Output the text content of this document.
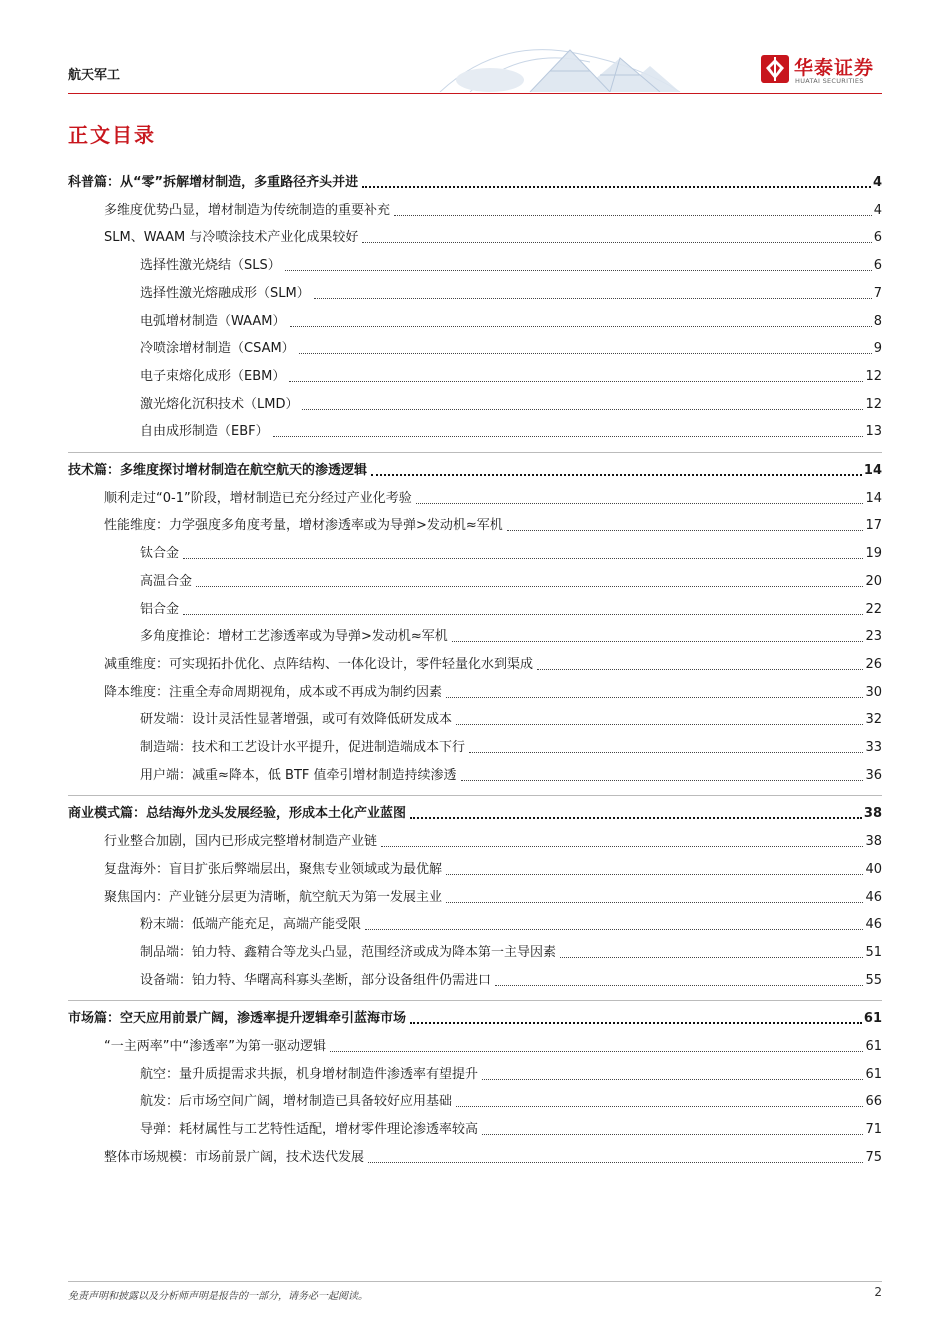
航天军工	华泰证券
HUATAI SECURITIES
正文目录
科普篇：从“零”拆解增材制造，多重路径齐头并进	4
多维度优势凸显，增材制造为传统制造的重要补充	4
SLM、WAAM 与冷喷涂技术产业化成果较好	6
选择性激光烧结（SLS）	6
选择性激光熔融成形（SLM）	7
电弧增材制造（WAAM）	8
冷喷涂增材制造（CSAM）	9
电子束熔化成形（EBM）	12
激光熔化沉积技术（LMD）	12
自由成形制造（EBF）	13
技术篇：多维度探讨增材制造在航空航天的渗透逻辑	14
顺利走过“0-1”阶段，增材制造已充分经过产业化考验	14
性能维度：力学强度多角度考量，增材渗透率或为导弹>发动机≈军机	17
钛合金	19
高温合金	20
铝合金	22
多角度推论：增材工艺渗透率或为导弹>发动机≈军机	23
减重维度：可实现拓扑优化、点阵结构、一体化设计，零件轻量化水到渠成	26
降本维度：注重全寿命周期视角，成本或不再成为制约因素	30
研发端：设计灵活性显著增强，或可有效降低研发成本	32
制造端：技术和工艺设计水平提升，促进制造端成本下行	33
用户端：减重≈降本，低 BTF 值牵引增材制造持续渗透	36
商业模式篇：总结海外龙头发展经验，形成本土化产业蓝图	38
行业整合加剧，国内已形成完整增材制造产业链	38
复盘海外：盲目扩张后弊端层出，聚焦专业领域或为最优解	40
聚焦国内：产业链分层更为清晰，航空航天为第一发展主业	46
粉末端：低端产能充足，高端产能受限	46
制品端：铂力特、鑫精合等龙头凸显，范围经济或成为降本第一主导因素	51
设备端：铂力特、华曙高科寡头垄断，部分设备组件仍需进口	55
市场篇：空天应用前景广阔，渗透率提升逻辑牵引蓝海市场	61
“一主两率”中“渗透率”为第一驱动逻辑	61
航空：量升质提需求共振，机身增材制造件渗透率有望提升	61
航发：后市场空间广阔，增材制造已具备较好应用基础	66
导弹：耗材属性与工艺特性适配，增材零件理论渗透率较高	71
整体市场规模：市场前景广阔，技术迭代发展	75
免责声明和披露以及分析师声明是报告的一部分，请务必一起阅读。	2
